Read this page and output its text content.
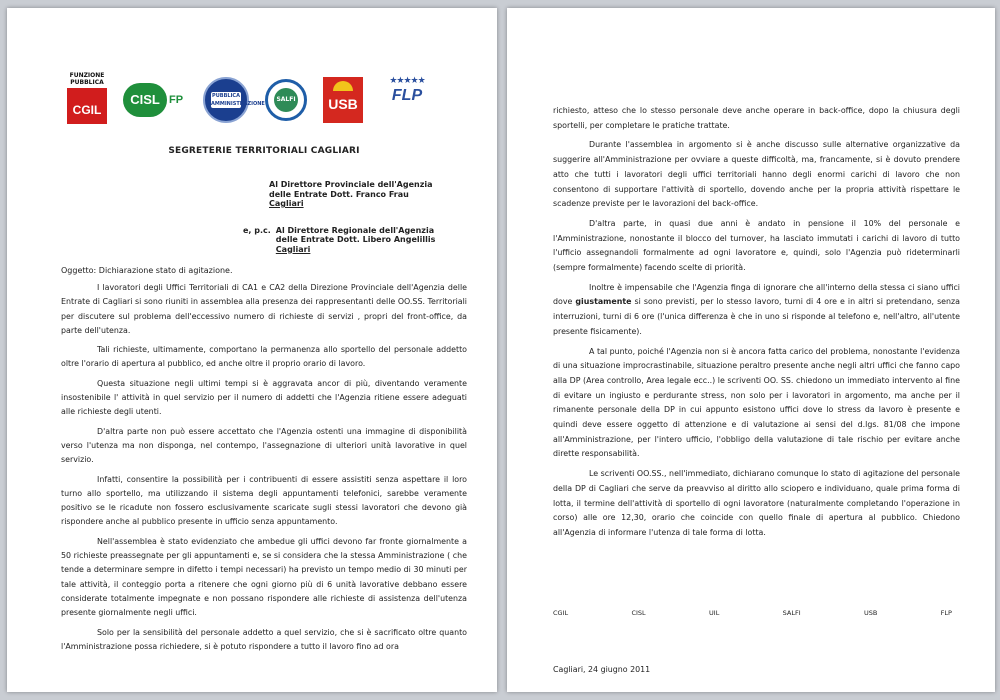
FUNZIONE PUBBLICA
CGIL
CISL FP	PUBBLICA AMMINISTRAZIONE
SALFI	USB
★★★★★
FLP
SEGRETERIE TERRITORIALI CAGLIARI
Al Direttore Provinciale dell'Agenzia
delle Entrate Dott. Franco Frau
Cagliari
e, p.c. Al Direttore Regionale dell'Agenzia
delle Entrate Dott. Libero Angelillis
Cagliari
Oggetto: Dichiarazione stato di agitazione.

I lavoratori degli Uffici Territoriali di CA1 e CA2 della Direzione Provinciale dell'Agenzia delle Entrate di Cagliari si sono riuniti in assemblea alla presenza dei rappresentanti delle OO.SS. Territoriali per discutere sul problema dell'eccessivo numero di richieste di servizi , propri del front-office, da parte dell'utenza.

Tali richieste, ultimamente, comportano la permanenza allo sportello del personale addetto oltre l'orario di apertura al pubblico, ed anche oltre il proprio orario di lavoro.

Questa situazione negli ultimi tempi si è aggravata ancor di più, diventando veramente insostenibile l' attività in quel servizio per il numero di addetti che l'Agenzia ritiene essere adeguati alle richieste degli utenti.

D'altra parte non può essere accettato che l'Agenzia ostenti una immagine di disponibilità verso l'utenza ma non disponga, nel contempo, l'assegnazione di ulteriori unità lavorative in quel servizio.

Infatti, consentire la possibilità per i contribuenti di essere assistiti senza aspettare il loro turno allo sportello, ma utilizzando il sistema degli appuntamenti telefonici, sarebbe veramente positivo se le ricadute non fossero esclusivamente scaricate sugli stessi lavoratori che devono già rispondere anche al pubblico presente in ufficio senza appuntamento.

Nell'assemblea è stato evidenziato che ambedue gli uffici devono far fronte giornalmente a 50 richieste preassegnate per gli appuntamenti e, se si considera che la stessa Amministrazione ( che tende a determinare sempre in difetto i tempi necessari) ha previsto un tempo medio di 30 minuti per tale attività, il conteggio porta a ritenere che ogni giorno più di 6 unità lavorative debbano essere considerate totalmente impegnate e non possano rispondere alle richieste di assistenza dell'utenza presente giornalmente negli uffici.

Solo per la sensibilità del personale addetto a quel servizio, che si è sacrificato oltre quanto l'Amministrazione possa richiedere, si è potuto rispondere a tutto il lavoro fino ad ora

richiesto, atteso che lo stesso personale deve anche operare in back-office, dopo la chiusura degli sportelli, per completare le pratiche trattate.

Durante l'assemblea in argomento si è anche discusso sulle alternative organizzative da suggerire all'Amministrazione per ovviare a queste difficoltà, ma, francamente, si è dovuto prendere atto che tutti i lavoratori degli uffici territoriali hanno degli enormi carichi di lavoro che non consentono di supportare l'attività di sportello, dovendo anche per la propria attività rispettare le scadenze previste per le lavorazioni del back-office.

D'altra parte, in quasi due anni è andato in pensione il 10% del personale e l'Amministrazione, nonostante il blocco del turnover, ha lasciato immutati i carichi di lavoro di tutto l'ufficio assegnandoli formalmente ad ogni lavoratore e, quindi, solo l'Agenzia può rideterminarli (sempre formalmente) facendo scelte di priorità.

Inoltre è impensabile che l'Agenzia finga di ignorare che all'interno della stessa ci siano uffici dove giustamente si sono previsti, per lo stesso lavoro, turni di 4 ore e in altri si pretendano, senza interruzioni, turni di 6 ore (l'unica differenza è che in uno si risponde al telefono e, nell'altro, all'utente presente fisicamente).

A tal punto, poiché l'Agenzia non si è ancora fatta carico del problema, nonostante l'evidenza di una situazione improcrastinabile, situazione peraltro presente anche negli altri uffici che fanno capo alla DP (Area controllo, Area legale ecc..) le scriventi OO. SS. chiedono un immediato intervento al fine di evitare un ingiusto e perdurante stress, non solo per i lavoratori in argomento, ma anche per il rimanente personale della DP in cui appunto esistono uffici dove lo stress da lavoro è presente e quindi deve essere oggetto di attenzione e di valutazione ai sensi del d.lgs. 81/08 che impone all'Amministrazione, per l'intero ufficio, l'obbligo della valutazione di tale rischio per evitare anche dirette responsabilità.

Le scriventi OO.SS., nell'immediato, dichiarano comunque lo stato di agitazione del personale della DP di Cagliari che serve da preavviso al diritto allo sciopero e individuano, quale prima forma di lotta, il termine dell'attività di sportello di ogni lavoratore (naturalmente completando l'operazione in corso) alle ore 12,30, orario che coincide con quello finale di apertura al pubblico. Chiedono all'Agenzia di informare l'utenza di tale forma di lotta.

CGIL	CISL	UIL	SALFI	USB	FLP
Cagliari, 24 giugno 2011
